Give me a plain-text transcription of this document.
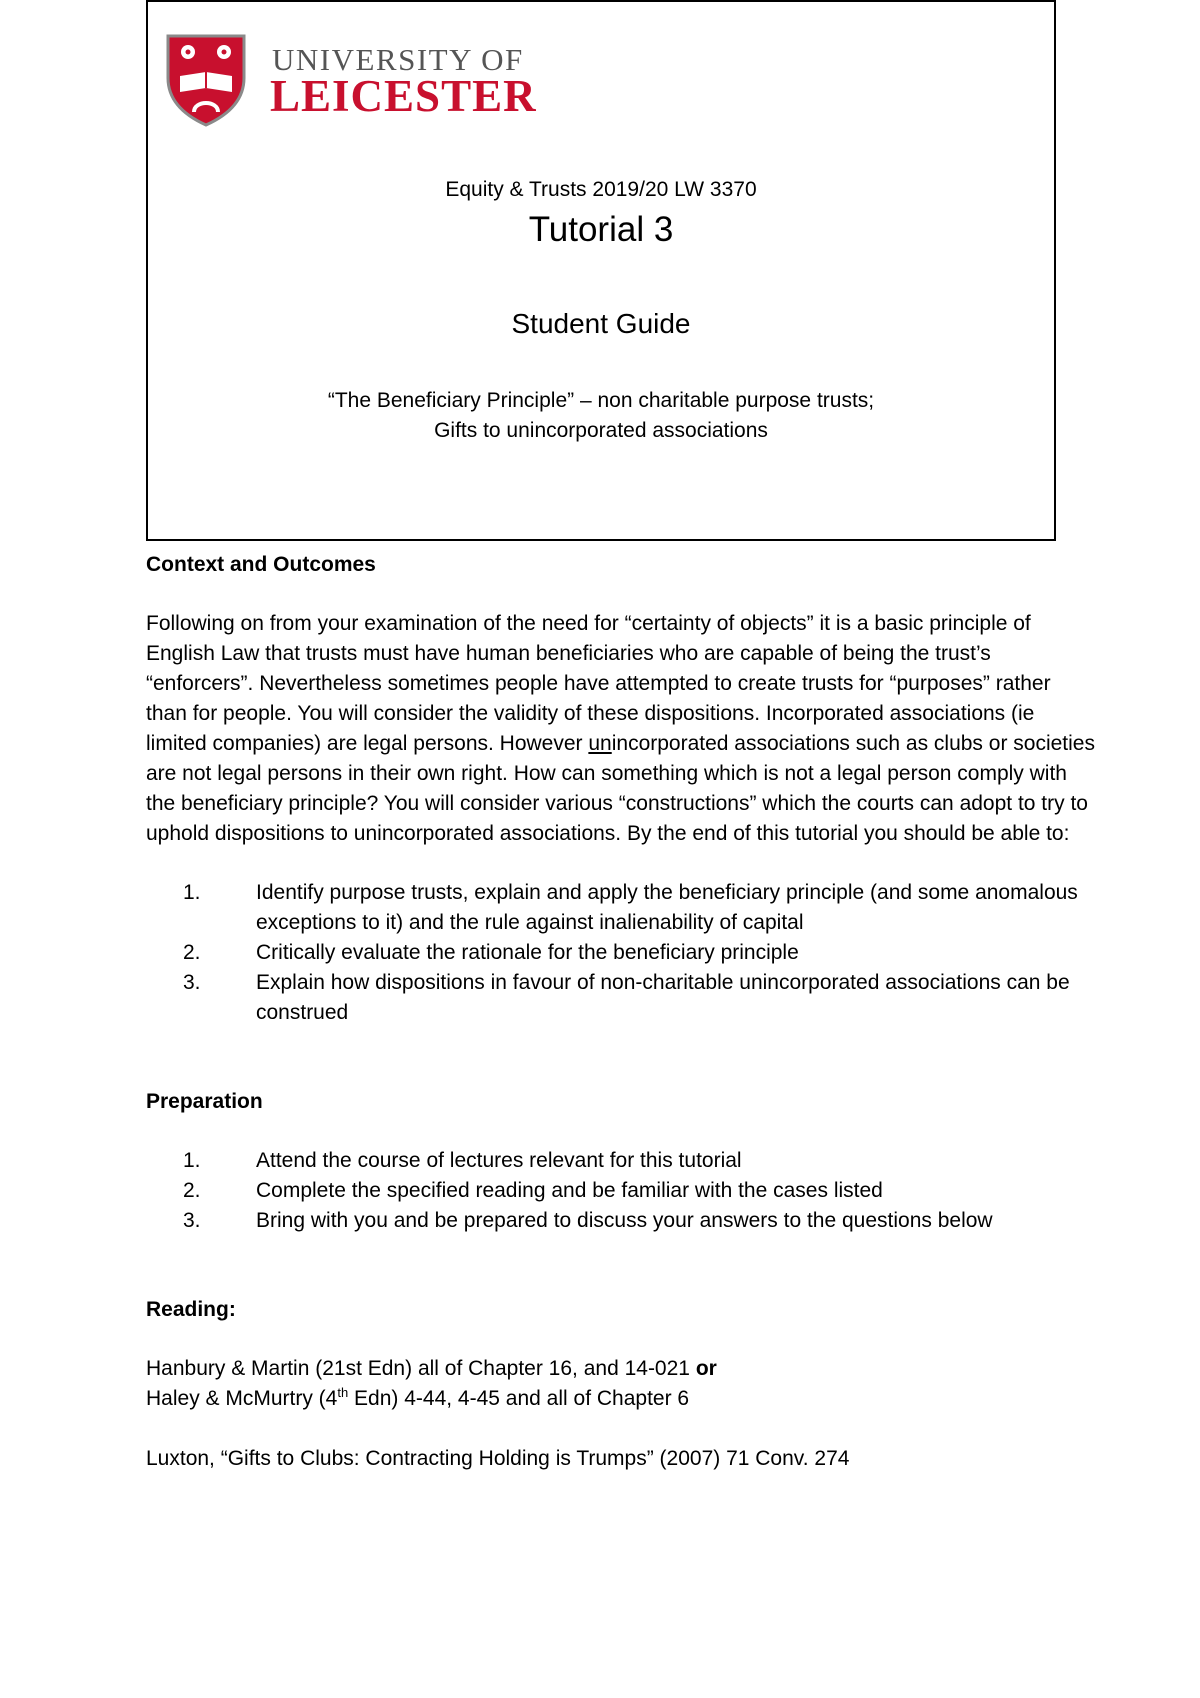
UNIVERSITY OF
LEICESTER
Equity & Trusts 2019/20 LW 3370
Tutorial 3
Student Guide
“The Beneficiary Principle” – non charitable purpose trusts;
Gifts to unincorporated associations
Context and Outcomes
Following on from your examination of the need for “certainty of objects” it is a basic principle of English Law that trusts must have human beneficiaries who are capable of being the trust’s “enforcers”. Nevertheless sometimes people have attempted to create trusts for “purposes” rather than for people. You will consider the validity of these dispositions. Incorporated associations (ie limited companies) are legal persons. However unincorporated associations such as clubs or societies are not legal persons in their own right. How can something which is not a legal person comply with the beneficiary principle? You will consider various “constructions” which the courts can adopt to try to uphold dispositions to unincorporated associations. By the end of this tutorial you should be able to:
1.	Identify purpose trusts, explain and apply the beneficiary principle (and some anomalous exceptions to it) and the rule against inalienability of capital
2.	Critically evaluate the rationale for the beneficiary principle
3.	Explain how dispositions in favour of non-charitable unincorporated associations can be construed
Preparation
1.	Attend the course of lectures relevant for this tutorial
2.	Complete the specified reading and be familiar with the cases listed
3.	Bring with you and be prepared to discuss your answers to the questions below
Reading:
Hanbury & Martin (21st Edn) all of Chapter 16, and 14-021 or
Haley & McMurtry (4th Edn) 4-44, 4-45 and all of Chapter 6
Luxton, “Gifts to Clubs: Contracting Holding is Trumps” (2007) 71 Conv. 274
